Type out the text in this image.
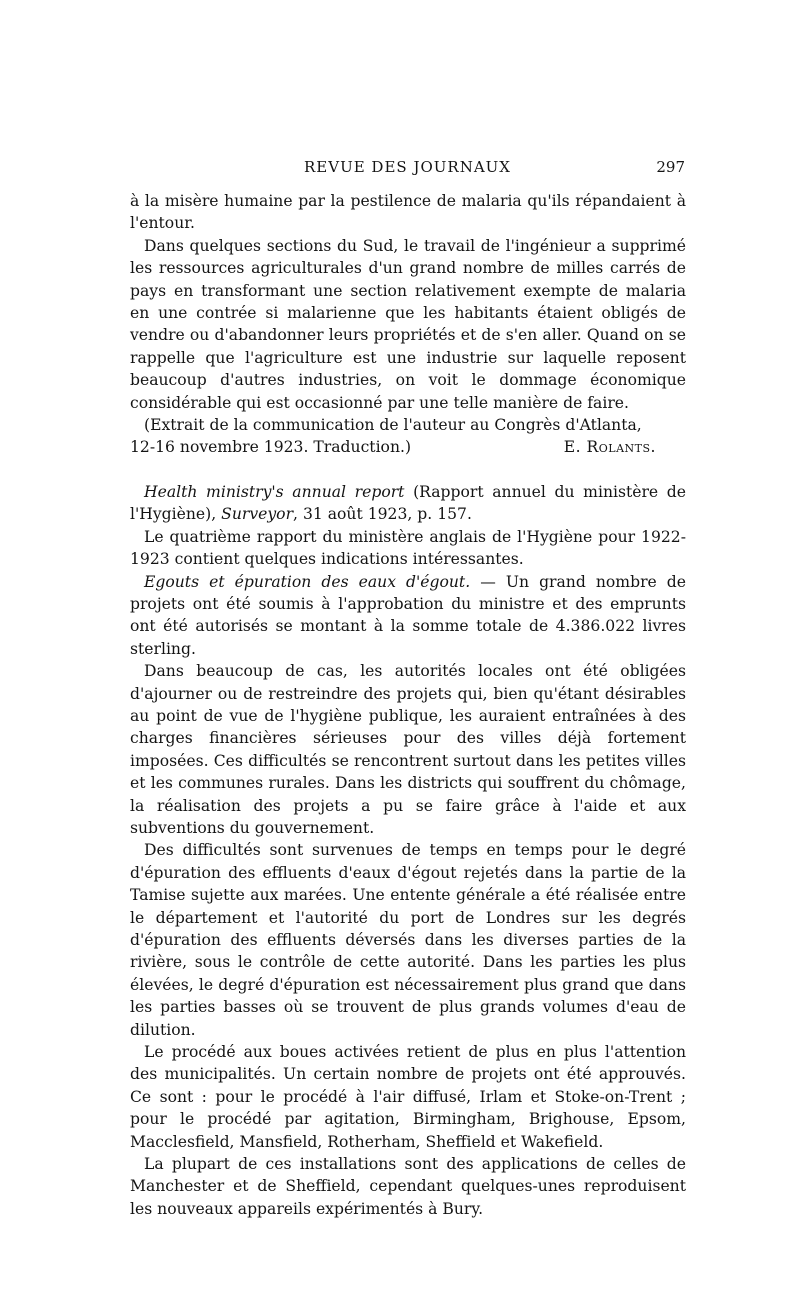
REVUE DES JOURNAUX	297

à la misère humaine par la pestilence de malaria qu'ils répandaient à l'entour.

Dans quelques sections du Sud, le travail de l'ingénieur a supprimé les ressources agriculturales d'un grand nombre de milles carrés de pays en transformant une section relativement exempte de malaria en une contrée si malarienne que les habitants étaient obligés de vendre ou d'abandonner leurs propriétés et de s'en aller. Quand on se rappelle que l'agriculture est une industrie sur laquelle reposent beaucoup d'autres industries, on voit le dommage économique considérable qui est occasionné par une telle manière de faire.

(Extrait de la communication de l'auteur au Congrès d'Atlanta,

12-16 novembre 1923. Traduction.)	E. Rolants.

Health ministry's annual report (Rapport annuel du ministère de l'Hygiène), Surveyor, 31 août 1923, p. 157.

Le quatrième rapport du ministère anglais de l'Hygiène pour 1922-1923 contient quelques indications intéressantes.

Egouts et épuration des eaux d'égout. — Un grand nombre de projets ont été soumis à l'approbation du ministre et des emprunts ont été autorisés se montant à la somme totale de 4.386.022 livres sterling.

Dans beaucoup de cas, les autorités locales ont été obligées d'ajourner ou de restreindre des projets qui, bien qu'étant désirables au point de vue de l'hygiène publique, les auraient entraînées à des charges financières sérieuses pour des villes déjà fortement imposées. Ces difficultés se rencontrent surtout dans les petites villes et les communes rurales. Dans les districts qui souffrent du chômage, la réalisation des projets a pu se faire grâce à l'aide et aux subventions du gouvernement.

Des difficultés sont survenues de temps en temps pour le degré d'épuration des effluents d'eaux d'égout rejetés dans la partie de la Tamise sujette aux marées. Une entente générale a été réalisée entre le département et l'autorité du port de Londres sur les degrés d'épuration des effluents déversés dans les diverses parties de la rivière, sous le contrôle de cette autorité. Dans les parties les plus élevées, le degré d'épuration est nécessairement plus grand que dans les parties basses où se trouvent de plus grands volumes d'eau de dilution.

Le procédé aux boues activées retient de plus en plus l'attention des municipalités. Un certain nombre de projets ont été approuvés. Ce sont : pour le procédé à l'air diffusé, Irlam et Stoke-on-Trent ; pour le procédé par agitation, Birmingham, Brighouse, Epsom, Macclesfield, Mansfield, Rotherham, Sheffield et Wakefield.

La plupart de ces installations sont des applications de celles de Manchester et de Sheffield, cependant quelques-unes reproduisent les nouveaux appareils expérimentés à Bury.
